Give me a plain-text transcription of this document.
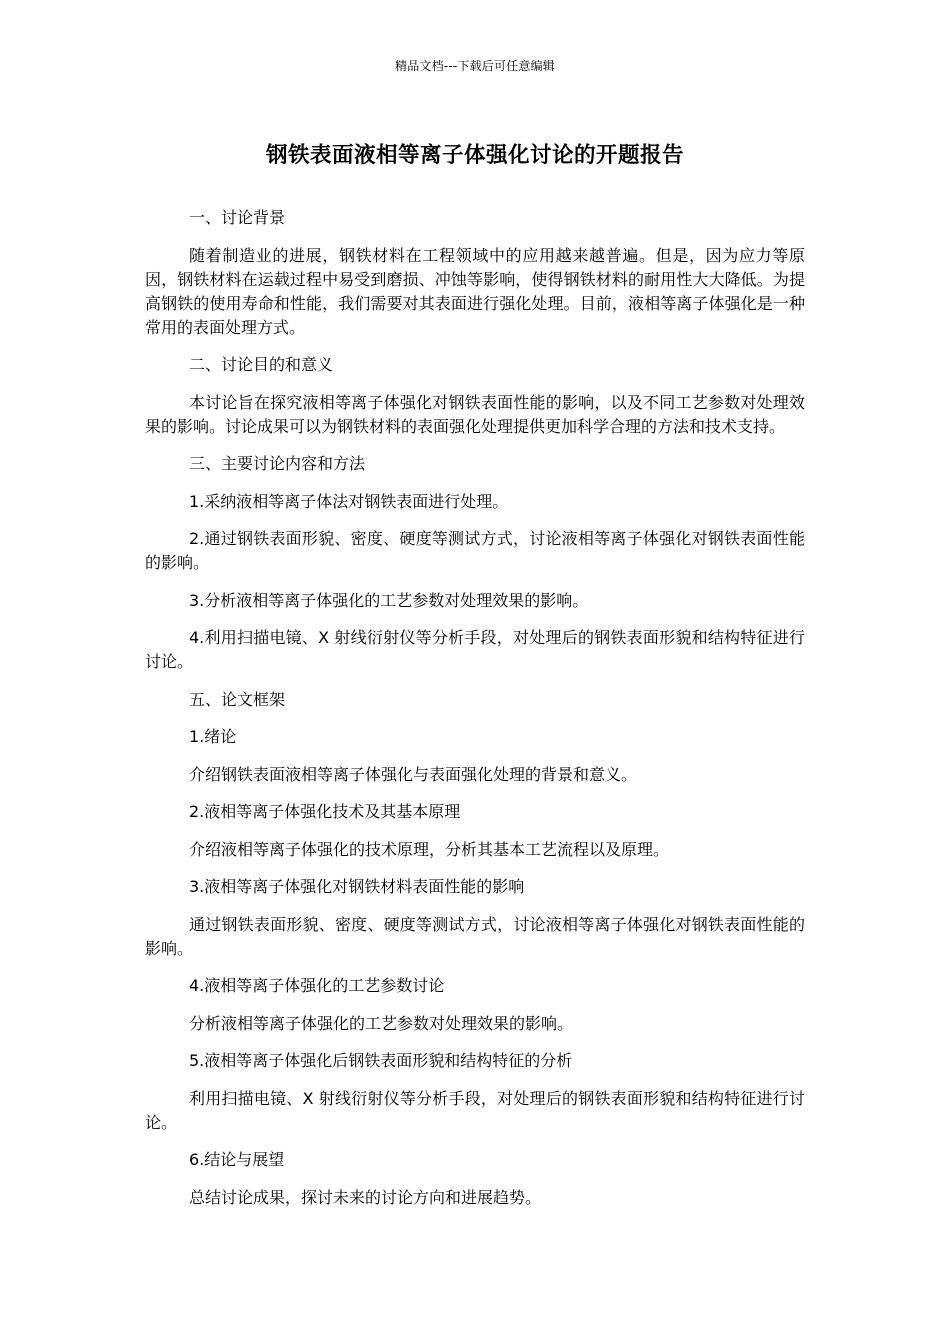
精品文档---下载后可任意编辑
钢铁表面液相等离子体强化讨论的开题报告

一、讨论背景

随着制造业的进展，钢铁材料在工程领域中的应用越来越普遍。但是，因为应力等原因，钢铁材料在运载过程中易受到磨损、冲蚀等影响，使得钢铁材料的耐用性大大降低。为提高钢铁的使用寿命和性能，我们需要对其表面进行强化处理。目前，液相等离子体强化是一种常用的表面处理方式。

二、讨论目的和意义

本讨论旨在探究液相等离子体强化对钢铁表面性能的影响，以及不同工艺参数对处理效果的影响。讨论成果可以为钢铁材料的表面强化处理提供更加科学合理的方法和技术支持。

三、主要讨论内容和方法

1.采纳液相等离子体法对钢铁表面进行处理。

2.通过钢铁表面形貌、密度、硬度等测试方式，讨论液相等离子体强化对钢铁表面性能的影响。

3.分析液相等离子体强化的工艺参数对处理效果的影响。

4.利用扫描电镜、X 射线衍射仪等分析手段，对处理后的钢铁表面形貌和结构特征进行讨论。

五、论文框架

1.绪论

介绍钢铁表面液相等离子体强化与表面强化处理的背景和意义。

2.液相等离子体强化技术及其基本原理

介绍液相等离子体强化的技术原理，分析其基本工艺流程以及原理。

3.液相等离子体强化对钢铁材料表面性能的影响

通过钢铁表面形貌、密度、硬度等测试方式，讨论液相等离子体强化对钢铁表面性能的影响。

4.液相等离子体强化的工艺参数讨论

分析液相等离子体强化的工艺参数对处理效果的影响。

5.液相等离子体强化后钢铁表面形貌和结构特征的分析

利用扫描电镜、X 射线衍射仪等分析手段，对处理后的钢铁表面形貌和结构特征进行讨论。

6.结论与展望

总结讨论成果，探讨未来的讨论方向和进展趋势。
